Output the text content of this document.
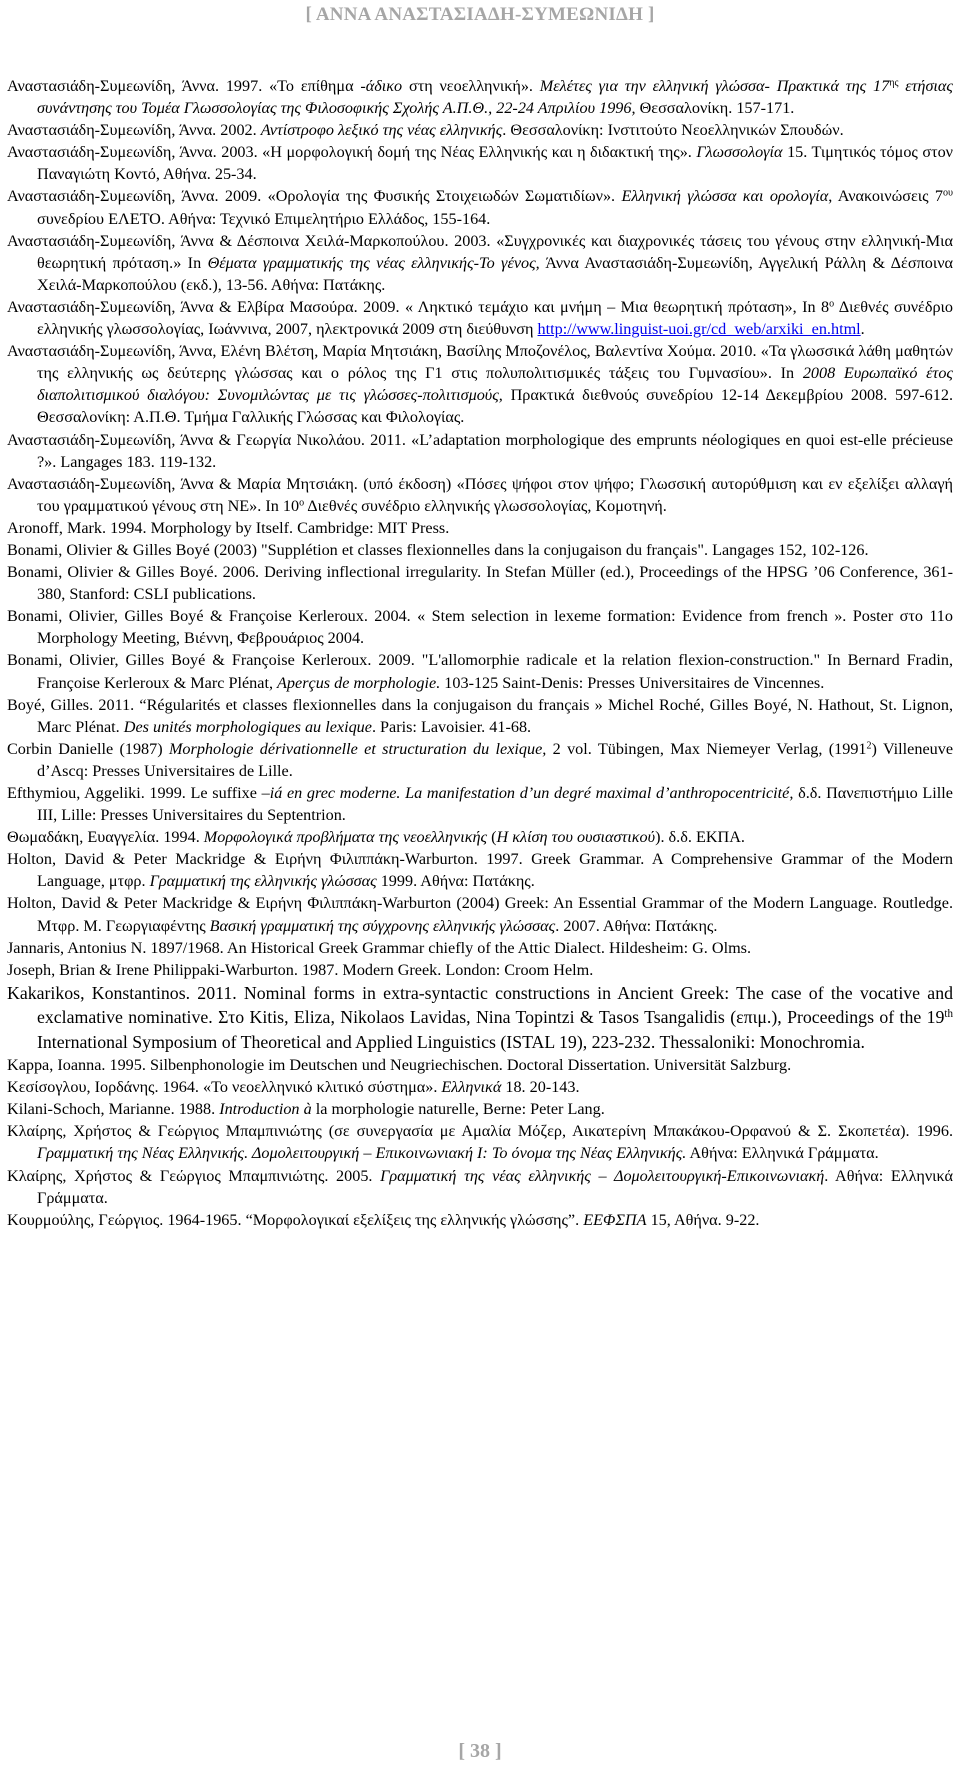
[ ΑΝΝΑ ΑΝΑΣΤΑΣΙΑΔΗ-ΣΥΜΕΩΝΙΔΗ ]

Αναστασιάδη-Συμεωνίδη, Άννα. 1997. «Το επίθημα -άδικο στη νεοελληνική». Μελέτες για την ελληνική γλώσσα- Πρακτικά της $17^{\eta\varsigma}$ ετήσιας συνάντησης του Τομέα Γλωσσολογίας της Φιλοσοφικής Σχολής Α.Π.Θ., 22-24 Απριλίου 1996, Θεσσαλονίκη. 157-171.

Αναστασιάδη-Συμεωνίδη, Άννα. 2002. Αντίστροφο λεξικό της νέας ελληνικής. Θεσσαλονίκη: Ινστιτούτο Νεοελληνικών Σπουδών.

Αναστασιάδη-Συμεωνίδη, Άννα. 2003. «Η μορφολογική δομή της Νέας Ελληνικής και η διδακτική της». Γλωσσολογία 15. Τιμητικός τόμος στον Παναγιώτη Κοντό, Αθήνα. 25-34.

Αναστασιάδη-Συμεωνίδη, Άννα. 2009. «Ορολογία της Φυσικής Στοιχειωδών Σωματιδίων». Ελληνική γλώσσα και ορολογία, Ανακοινώσεις $7^{o\upsilon}$ συνεδρίου ΕΛΕΤΟ. Αθήνα: Τεχνικό Επιμελητήριο Ελλάδος, 155-164.

Αναστασιάδη-Συμεωνίδη, Άννα & Δέσποινα Χειλά-Μαρκοπούλου. 2003. «Συγχρονικές και διαχρονικές τάσεις του γένους στην ελληνική-Μια θεωρητική πρόταση.» In Θέματα γραμματικής της νέας ελληνικής-Το γένος, Άννα Αναστασιάδη-Συμεωνίδη, Αγγελική Ράλλη & Δέσποινα Χειλά-Μαρκοπούλου (εκδ.), 13-56. Αθήνα: Πατάκης.

Αναστασιάδη-Συμεωνίδη, Άννα & Ελβίρα Μασούρα. 2009. « Ληκτικό τεμάχιο και μνήμη – Μια θεωρητική πρόταση», In $8^o$ Διεθνές συνέδριο ελληνικής γλωσσολογίας, Ιωάννινα, 2007, ηλεκτρονικά 2009 στη διεύθυνση http://www.linguist-uoi.gr/cd_web/arxiki_en.html.

Αναστασιάδη-Συμεωνίδη, Άννα, Ελένη Βλέτση, Μαρία Μητσιάκη, Βασίλης Μποζονέλος, Βαλεντίνα Χούμα. 2010. «Τα γλωσσικά λάθη μαθητών της ελληνικής ως δεύτερης γλώσσας και ο ρόλος της Γ1 στις πολυπολιτισμικές τάξεις του Γυμνασίου». In 2008 Ευρωπαϊκό έτος διαπολιτισμικού διαλόγου: Συνομιλώντας με τις γλώσσες-πολιτισμούς, Πρακτικά διεθνούς συνεδρίου 12-14 Δεκεμβρίου 2008. 597-612. Θεσσαλονίκη: Α.Π.Θ. Τμήμα Γαλλικής Γλώσσας και Φιλολογίας.

Αναστασιάδη-Συμεωνίδη, Άννα & Γεωργία Νικολάου. 2011. «L’adaptation morphologique des emprunts néologiques en quoi est-elle précieuse ?». Langages 183. 119-132.

Αναστασιάδη-Συμεωνίδη, Άννα & Μαρία Μητσιάκη. (υπό έκδοση) «Πόσες ψήφοι στον ψήφο; Γλωσσική αυτορύθμιση και εν εξελίξει αλλαγή του γραμματικού γένους στη ΝΕ». In $10^o$ Διεθνές συνέδριο ελληνικής γλωσσολογίας, Κομοτηνή.

Aronoff, Mark. 1994. Morphology by Itself. Cambridge: MIT Press.

Bonami, Olivier & Gilles Boyé (2003) "Supplétion et classes flexionnelles dans la conjugaison du français". Langages 152, 102-126.

Bonami, Olivier & Gilles Boyé. 2006. Deriving inflectional irregularity. In Stefan Müller (ed.), Proceedings of the HPSG ’06 Conference, 361-380, Stanford: CSLI publications.

Bonami, Olivier, Gilles Boyé & Françoise Kerleroux. 2004. « Stem selection in lexeme formation: Evidence from french ». Poster στο 11ο Morphology Meeting, Βιέννη, Φεβρουάριος 2004.

Bonami, Olivier, Gilles Boyé & Françoise Kerleroux. 2009. "L'allomorphie radicale et la relation flexion-construction." In Bernard Fradin, Françoise Kerleroux & Marc Plénat, Aperçus de morphologie. 103-125 Saint-Denis: Presses Universitaires de Vincennes.

Boyé, Gilles. 2011. “Régularités et classes flexionnelles dans la conjugaison du français » Michel Roché, Gilles Boyé, N. Hathout, St. Lignon, Marc Plénat. Des unités morphologiques au lexique. Paris: Lavoisier. 41-68.

Corbin Danielle (1987) Morphologie dérivationnelle et structuration du lexique, 2 vol. Tübingen, Max Niemeyer Verlag, (1991$^2$) Villeneuve d’Ascq: Presses Universitaires de Lille.

Efthymiou, Aggeliki. 1999. Le suffixe –iá en grec moderne. La manifestation d’un degré maximal d’anthropocentricité, δ.δ. Πανεπιστήμιο Lille III, Lille: Presses Universitaires du Septentrion.

Θωμαδάκη, Ευαγγελία. 1994. Μορφολογικά προβλήματα της νεοελληνικής (Η κλίση του ουσιαστικού). δ.δ. ΕΚΠΑ.

Holton, David & Peter Mackridge & Ειρήνη Φιλιππάκη-Warburton. 1997. Greek Grammar. A Comprehensive Grammar of the Modern Language, μτφρ. Γραμματική της ελληνικής γλώσσας 1999. Αθήνα: Πατάκης.

Holton, David & Peter Mackridge & Ειρήνη Φιλιππάκη-Warburton (2004) Greek: An Essential Grammar of the Modern Language. Routledge. Μτφρ. Μ. Γεωργιαφέντης Βασική γραμματική της σύγχρονης ελληνικής γλώσσας. 2007. Αθήνα: Πατάκης.

Jannaris, Antonius N. 1897/1968. An Historical Greek Grammar chiefly of the Attic Dialect. Hildesheim: G. Olms.

Joseph, Brian & Irene Philippaki-Warburton. 1987. Modern Greek. London: Croom Helm.

Kakarikos, Konstantinos. 2011. Nominal forms in extra-syntactic constructions in Ancient Greek: The case of the vocative and exclamative nominative. Στο Kitis, Eliza, Nikolaos Lavidas, Nina Topintzi & Tasos Tsangalidis (επιμ.), Proceedings of the 19th International Symposium of Theoretical and Applied Linguistics (ISTAL 19), 223-232. Thessaloniki: Monochromia.

Kappa, Ioanna. 1995. Silbenphonologie im Deutschen und Neugriechischen. Doctoral Dissertation. Universität Salzburg.

Κεσίσογλου, Ιορδάνης. 1964. «Το νεοελληνικό κλιτικό σύστημα». Ελληνικά 18. 20-143.

Kilani-Schoch, Marianne. 1988. Introduction à la morphologie naturelle, Berne: Peter Lang.

Κλαίρης, Χρήστος & Γεώργιος Μπαμπινιώτης (σε συνεργασία με Αμαλία Μόζερ, Αικατερίνη Μπακάκου-Ορφανού & Σ. Σκοπετέα). 1996. Γραμματική της Νέας Ελληνικής. Δομολειτουργική – Επικοινωνιακή Ι: Το όνομα της Νέας Ελληνικής. Αθήνα: Ελληνικά Γράμματα.

Κλαίρης, Χρήστος & Γεώργιος Μπαμπινιώτης. 2005. Γραμματική της νέας ελληνικής – Δομολειτουργική-Επικοινωνιακή. Αθήνα: Ελληνικά Γράμματα.

Κουρμούλης, Γεώργιος. 1964-1965. “Μορφολογικαί εξελίξεις της ελληνικής γλώσσης”. ΕΕΦΣΠΑ 15, Αθήνα. 9-22.

[ 38 ]
